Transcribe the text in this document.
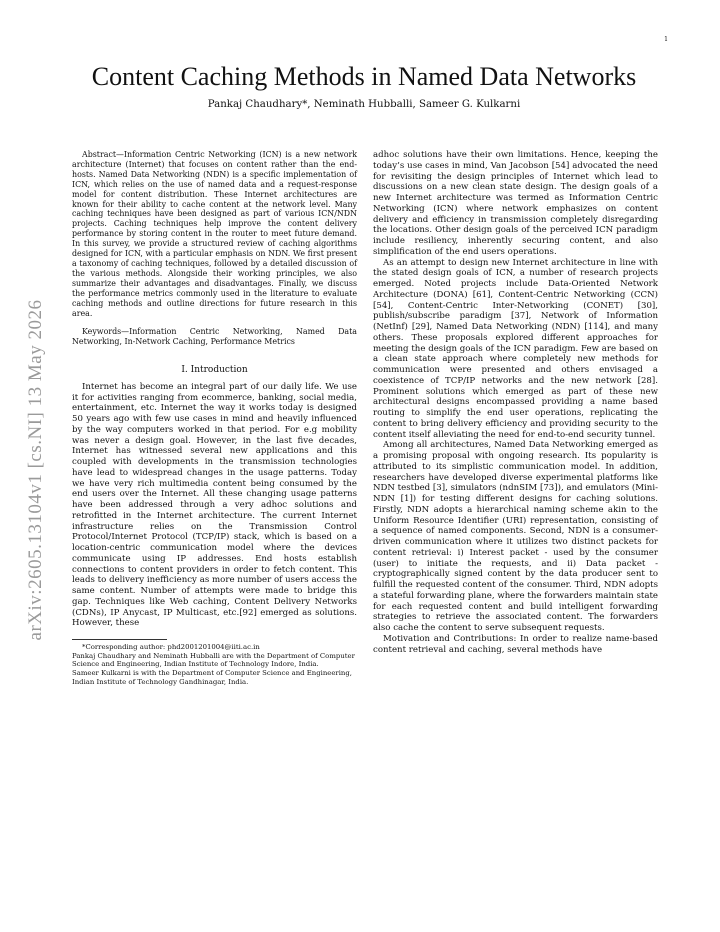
1
arXiv:2605.13104v1 [cs.NI] 13 May 2026
Content Caching Methods in Named Data Networks
Pankaj Chaudhary*, Neminath Hubballi, Sameer G. Kulkarni

Abstract—Information Centric Networking (ICN) is a new network architecture (Internet) that focuses on content rather than the end-hosts. Named Data Networking (NDN) is a specific implementation of ICN, which relies on the use of named data and a request-response model for content distribution. These Internet architectures are known for their ability to cache content at the network level. Many caching techniques have been designed as part of various ICN/NDN projects. Caching techniques help improve the content delivery performance by storing content in the router to meet future demand. In this survey, we provide a structured review of caching algorithms designed for ICN, with a particular emphasis on NDN. We first present a taxonomy of caching techniques, followed by a detailed discussion of the various methods. Alongside their working principles, we also summarize their advantages and disadvantages. Finally, we discuss the performance metrics commonly used in the literature to evaluate caching methods and outline directions for future research in this area.

Keywords—Information Centric Networking, Named Data Networking, In-Network Caching, Performance Metrics

I. Introduction

Internet has become an integral part of our daily life. We use it for activities ranging from ecommerce, banking, social media, entertainment, etc. Internet the way it works today is designed 50 years ago with few use cases in mind and heavily influenced by the way computers worked in that period. For e.g mobility was never a design goal. However, in the last five decades, Internet has witnessed several new applications and this coupled with developments in the transmission technologies have lead to widespread changes in the usage patterns. Today we have very rich multimedia content being consumed by the end users over the Internet. All these changing usage patterns have been addressed through a very adhoc solutions and retrofitted in the Internet architecture. The current Internet infrastructure relies on the Transmission Control Protocol/Internet Protocol (TCP/IP) stack, which is based on a location-centric communication model where the devices communicate using IP addresses. End hosts establish connections to content providers in order to fetch content. This leads to delivery inefficiency as more number of users access the same content. Number of attempts were made to bridge this gap. Techniques like Web caching, Content Delivery Networks (CDNs), IP Anycast, IP Multicast, etc.[92] emerged as solutions. However, these

*Corresponding author: phd2001201004@iiti.ac.in

Pankaj Chaudhary and Neminath Hubballi are with the Department of Computer Science and Engineering, Indian Institute of Technology Indore, India.

Sameer Kulkarni is with the Department of Computer Science and Engineering, Indian Institute of Technology Gandhinagar, India.

adhoc solutions have their own limitations. Hence, keeping the today’s use cases in mind, Van Jacobson [54] advocated the need for revisiting the design principles of Internet which lead to discussions on a new clean state design. The design goals of a new Internet architecture was termed as Information Centric Networking (ICN) where network emphasizes on content delivery and efficiency in transmission completely disregarding the locations. Other design goals of the perceived ICN paradigm include resiliency, inherently securing content, and also simplification of the end users operations.

As an attempt to design new Internet architecture in line with the stated design goals of ICN, a number of research projects emerged. Noted projects include Data-Oriented Network Architecture (DONA) [61], Content-Centric Networking (CCN) [54], Content-Centric Inter-Networking (CONET) [30], publish/subscribe paradigm [37], Network of Information (NetInf) [29], Named Data Networking (NDN) [114], and many others. These proposals explored different approaches for meeting the design goals of the ICN paradigm. Few are based on a clean state approach where completely new methods for communication were presented and others envisaged a coexistence of TCP/IP networks and the new network [28]. Prominent solutions which emerged as part of these new architectural designs encompassed providing a name based routing to simplify the end user operations, replicating the content to bring delivery efficiency and providing security to the content itself alleviating the need for end-to-end security tunnel.

Among all architectures, Named Data Networking emerged as a promising proposal with ongoing research. Its popularity is attributed to its simplistic communication model. In addition, researchers have developed diverse experimental platforms like NDN testbed [3], simulators (ndnSIM [73]), and emulators (Mini-NDN [1]) for testing different designs for caching solutions. Firstly, NDN adopts a hierarchical naming scheme akin to the Uniform Resource Identifier (URI) representation, consisting of a sequence of named components. Second, NDN is a consumer-driven communication where it utilizes two distinct packets for content retrieval: i) Interest packet - used by the consumer (user) to initiate the requests, and ii) Data packet - cryptographically signed content by the data producer sent to fulfill the requested content of the consumer. Third, NDN adopts a stateful forwarding plane, where the forwarders maintain state for each requested content and build intelligent forwarding strategies to retrieve the associated content. The forwarders also cache the content to serve subsequent requests.

Motivation and Contributions: In order to realize name-based content retrieval and caching, several methods have
